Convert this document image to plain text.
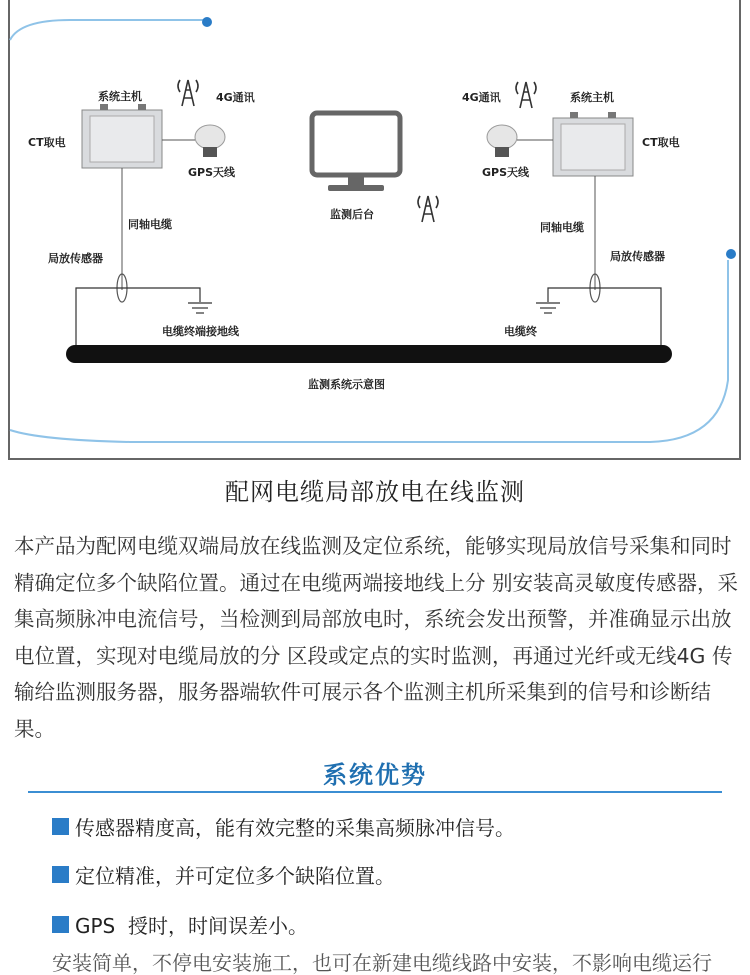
系统主机
CT取电
4G通讯
GPS天线
同轴电缆
局放传感器
电缆终端接地线
监测后台
系统主机
CT取电
4G通讯
GPS天线
同轴电缆
局放传感器
电缆终
监测系统示意图
配网电缆局部放电在线监测

本产品为配网电缆双端局放在线监测及定位系统，能够实现局放信号采集和同时精确定位多个缺陷位置。通过在电缆两端接地线上分 别安装高灵敏度传感器，采集高频脉冲电流信号，当检测到局部放电时，系统会发出预警，并准确显示出放电位置，实现对电缆局放的分 区段或定点的实时监测，再通过光纤或无线4G 传输给监测服务器，服务器端软件可展示各个监测主机所采集到的信号和诊断结果。

系统优势
传感器精度高，能有效完整的采集高频脉冲信号。
定位精准，并可定位多个缺陷位置。
GPS  授时，时间误差小。
安装简单，不停电安装施工，也可在新建电缆线路中安装，不影响电缆运行
